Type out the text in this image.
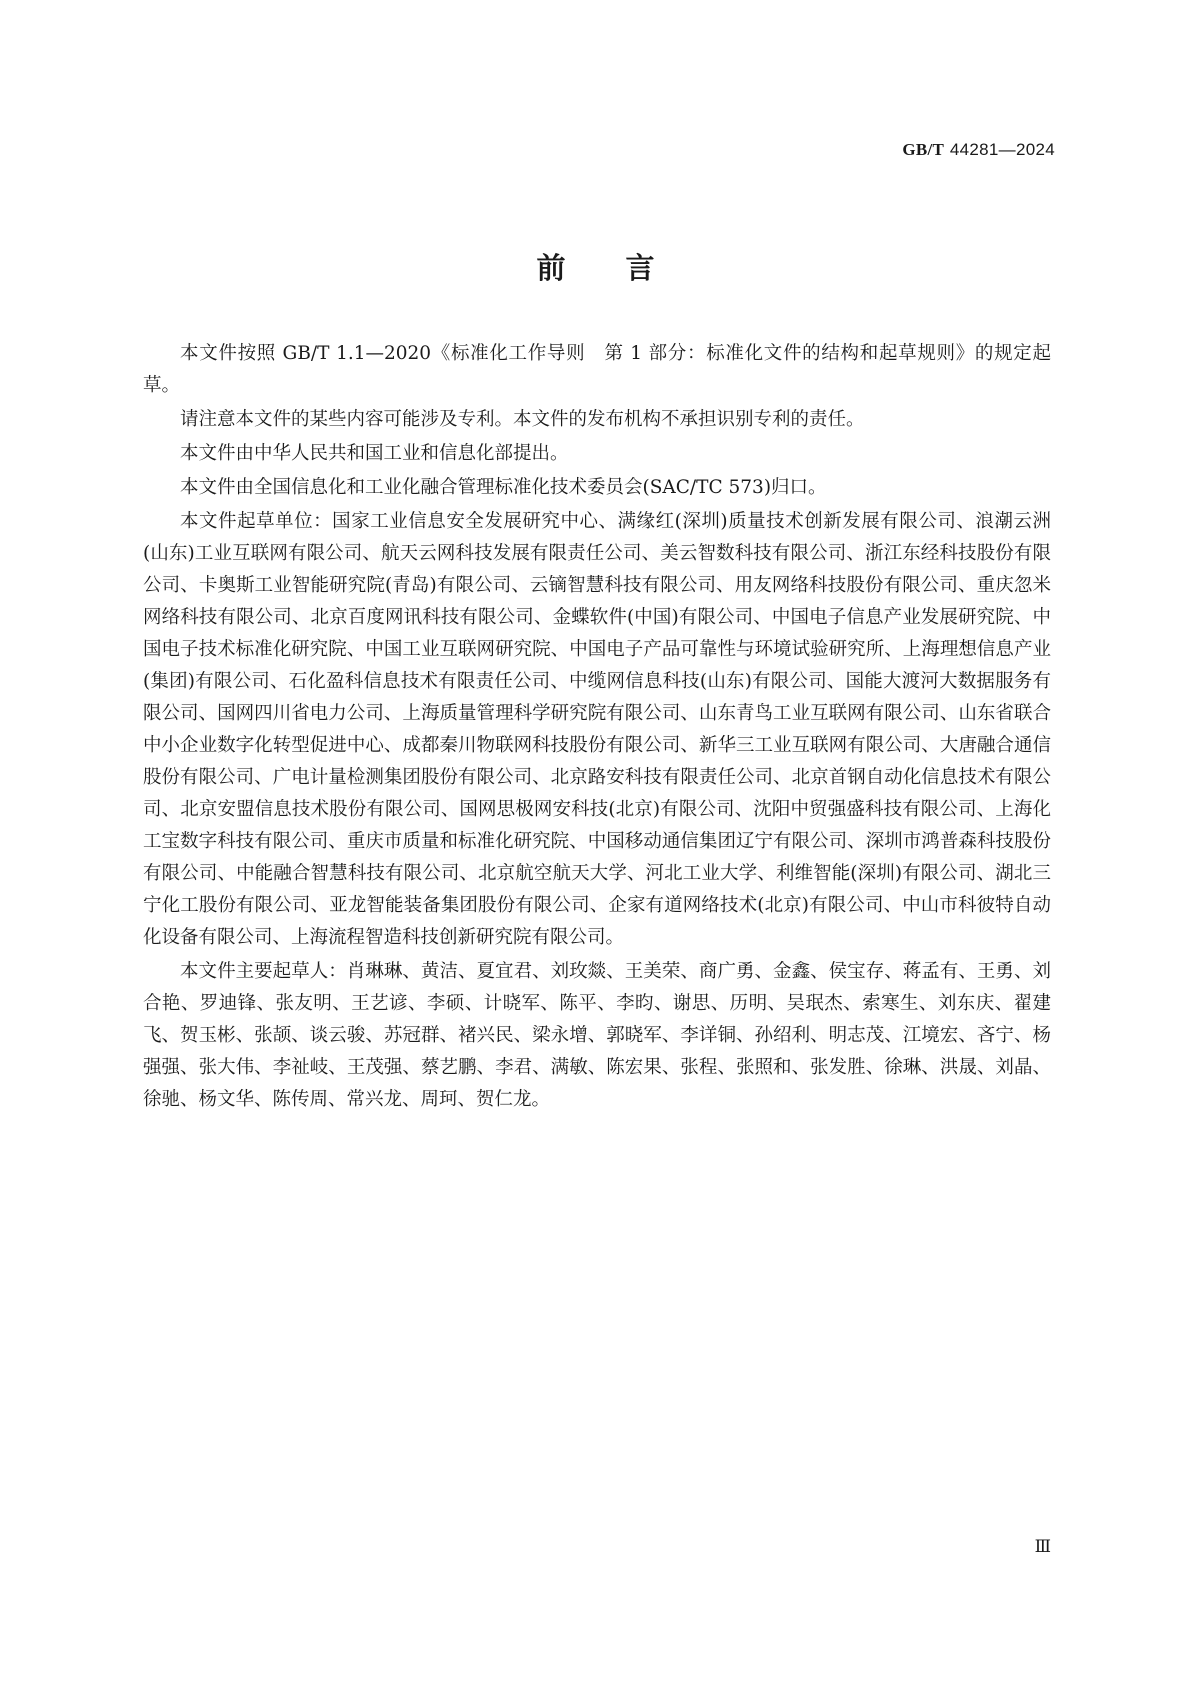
GB/T 44281—2024
前言

本文件按照 GB/T 1.1—2020《标准化工作导则　第 1 部分：标准化文件的结构和起草规则》的规定起草。

请注意本文件的某些内容可能涉及专利。本文件的发布机构不承担识别专利的责任。

本文件由中华人民共和国工业和信息化部提出。

本文件由全国信息化和工业化融合管理标准化技术委员会(SAC/TC 573)归口。

本文件起草单位：国家工业信息安全发展研究中心、满缘红(深圳)质量技术创新发展有限公司、浪潮云洲(山东)工业互联网有限公司、航天云网科技发展有限责任公司、美云智数科技有限公司、浙江东经科技股份有限公司、卡奥斯工业智能研究院(青岛)有限公司、云镝智慧科技有限公司、用友网络科技股份有限公司、重庆忽米网络科技有限公司、北京百度网讯科技有限公司、金蝶软件(中国)有限公司、中国电子信息产业发展研究院、中国电子技术标准化研究院、中国工业互联网研究院、中国电子产品可靠性与环境试验研究所、上海理想信息产业(集团)有限公司、石化盈科信息技术有限责任公司、中缆网信息科技(山东)有限公司、国能大渡河大数据服务有限公司、国网四川省电力公司、上海质量管理科学研究院有限公司、山东青鸟工业互联网有限公司、山东省联合中小企业数字化转型促进中心、成都秦川物联网科技股份有限公司、新华三工业互联网有限公司、大唐融合通信股份有限公司、广电计量检测集团股份有限公司、北京路安科技有限责任公司、北京首钢自动化信息技术有限公司、北京安盟信息技术股份有限公司、国网思极网安科技(北京)有限公司、沈阳中贸强盛科技有限公司、上海化工宝数字科技有限公司、重庆市质量和标准化研究院、中国移动通信集团辽宁有限公司、深圳市鸿普森科技股份有限公司、中能融合智慧科技有限公司、北京航空航天大学、河北工业大学、利维智能(深圳)有限公司、湖北三宁化工股份有限公司、亚龙智能装备集团股份有限公司、企家有道网络技术(北京)有限公司、中山市科彼特自动化设备有限公司、上海流程智造科技创新研究院有限公司。

本文件主要起草人：肖琳琳、黄洁、夏宜君、刘玫燚、王美荣、商广勇、金鑫、侯宝存、蒋孟有、王勇、刘合艳、罗迪锋、张友明、王艺谚、李硕、计晓军、陈平、李昀、谢思、历明、吴珉杰、索寒生、刘东庆、翟建飞、贺玉彬、张颉、谈云骏、苏冠群、褚兴民、梁永增、郭晓军、李详铜、孙绍利、明志茂、江境宏、吝宁、杨强强、张大伟、李祉岐、王茂强、蔡艺鹏、李君、满敏、陈宏果、张程、张照和、张发胜、徐琳、洪晟、刘晶、徐驰、杨文华、陈传周、常兴龙、周珂、贺仁龙。

Ⅲ
